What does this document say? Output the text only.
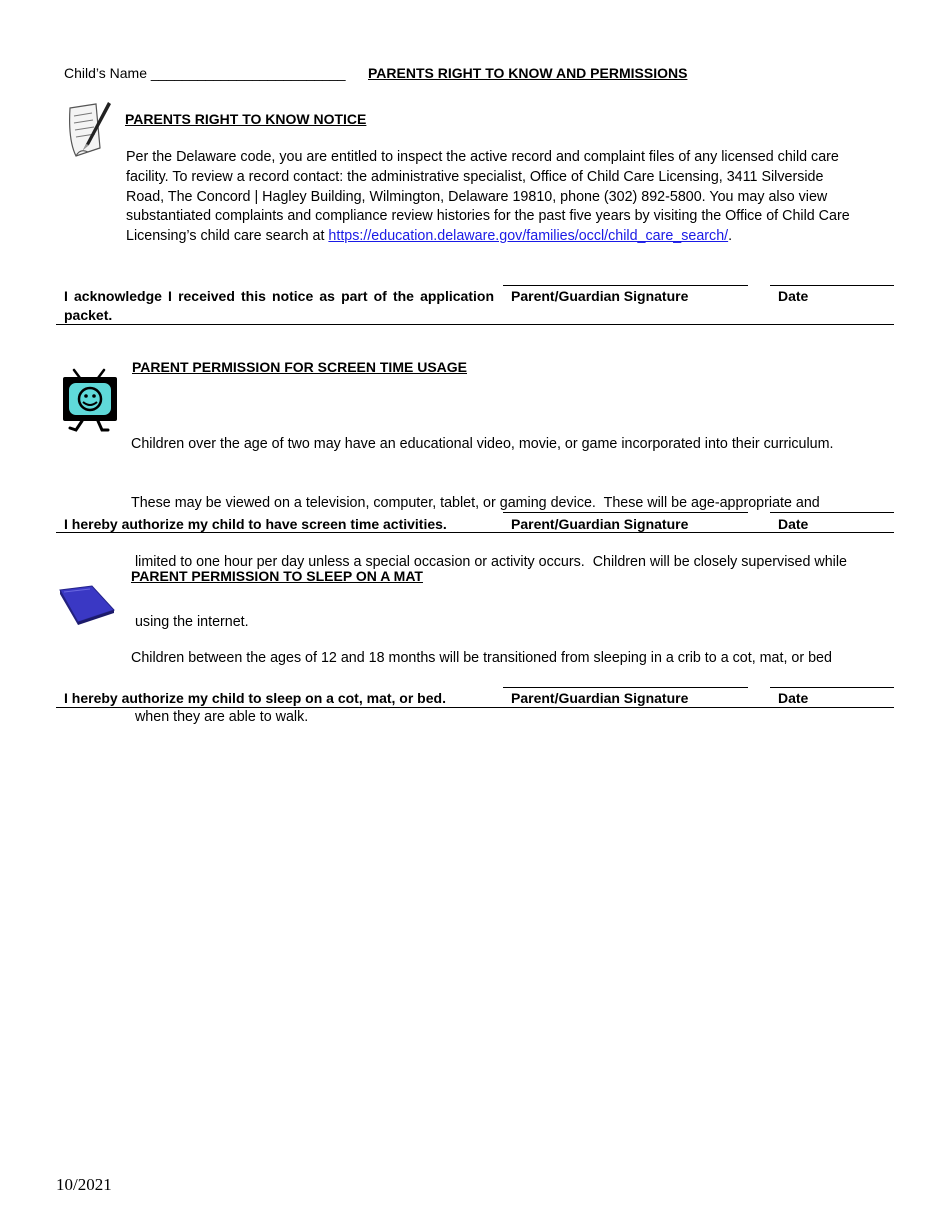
Child’s Name _________________________ PARENTS RIGHT TO KNOW AND PERMISSIONS
PARENTS RIGHT TO KNOW NOTICE
Per the Delaware code, you are entitled to inspect the active record and complaint files of any licensed child care
facility. To review a record contact: the administrative specialist, Office of Child Care Licensing, 3411 Silverside
Road, The Concord | Hagley Building, Wilmington, Delaware 19810, phone (302) 892-5800. You may also view
substantiated complaints and compliance review histories for the past five years by visiting the Office of Child Care
Licensing’s child care search at https://education.delaware.gov/families/occl/child_care_search/.
I acknowledge I received this notice as part of the application
packet.
Parent/Guardian Signature	Date
PARENT PERMISSION FOR SCREEN TIME USAGE

Children over the age of two may have an educational video, movie, or game incorporated into their curriculum.

These may be viewed on a television, computer, tablet, or gaming device.  These will be age-appropriate and

limited to one hour per day unless a special occasion or activity occurs.  Children will be closely supervised while

using the internet.

I hereby authorize my child to have screen time activities.	Parent/Guardian Signature	Date
PARENT PERMISSION TO SLEEP ON A MAT

Children between the ages of 12 and 18 months will be transitioned from sleeping in a crib to a cot, mat, or bed

when they are able to walk.

I hereby authorize my child to sleep on a cot, mat, or bed.	Parent/Guardian Signature	Date
10/2021
